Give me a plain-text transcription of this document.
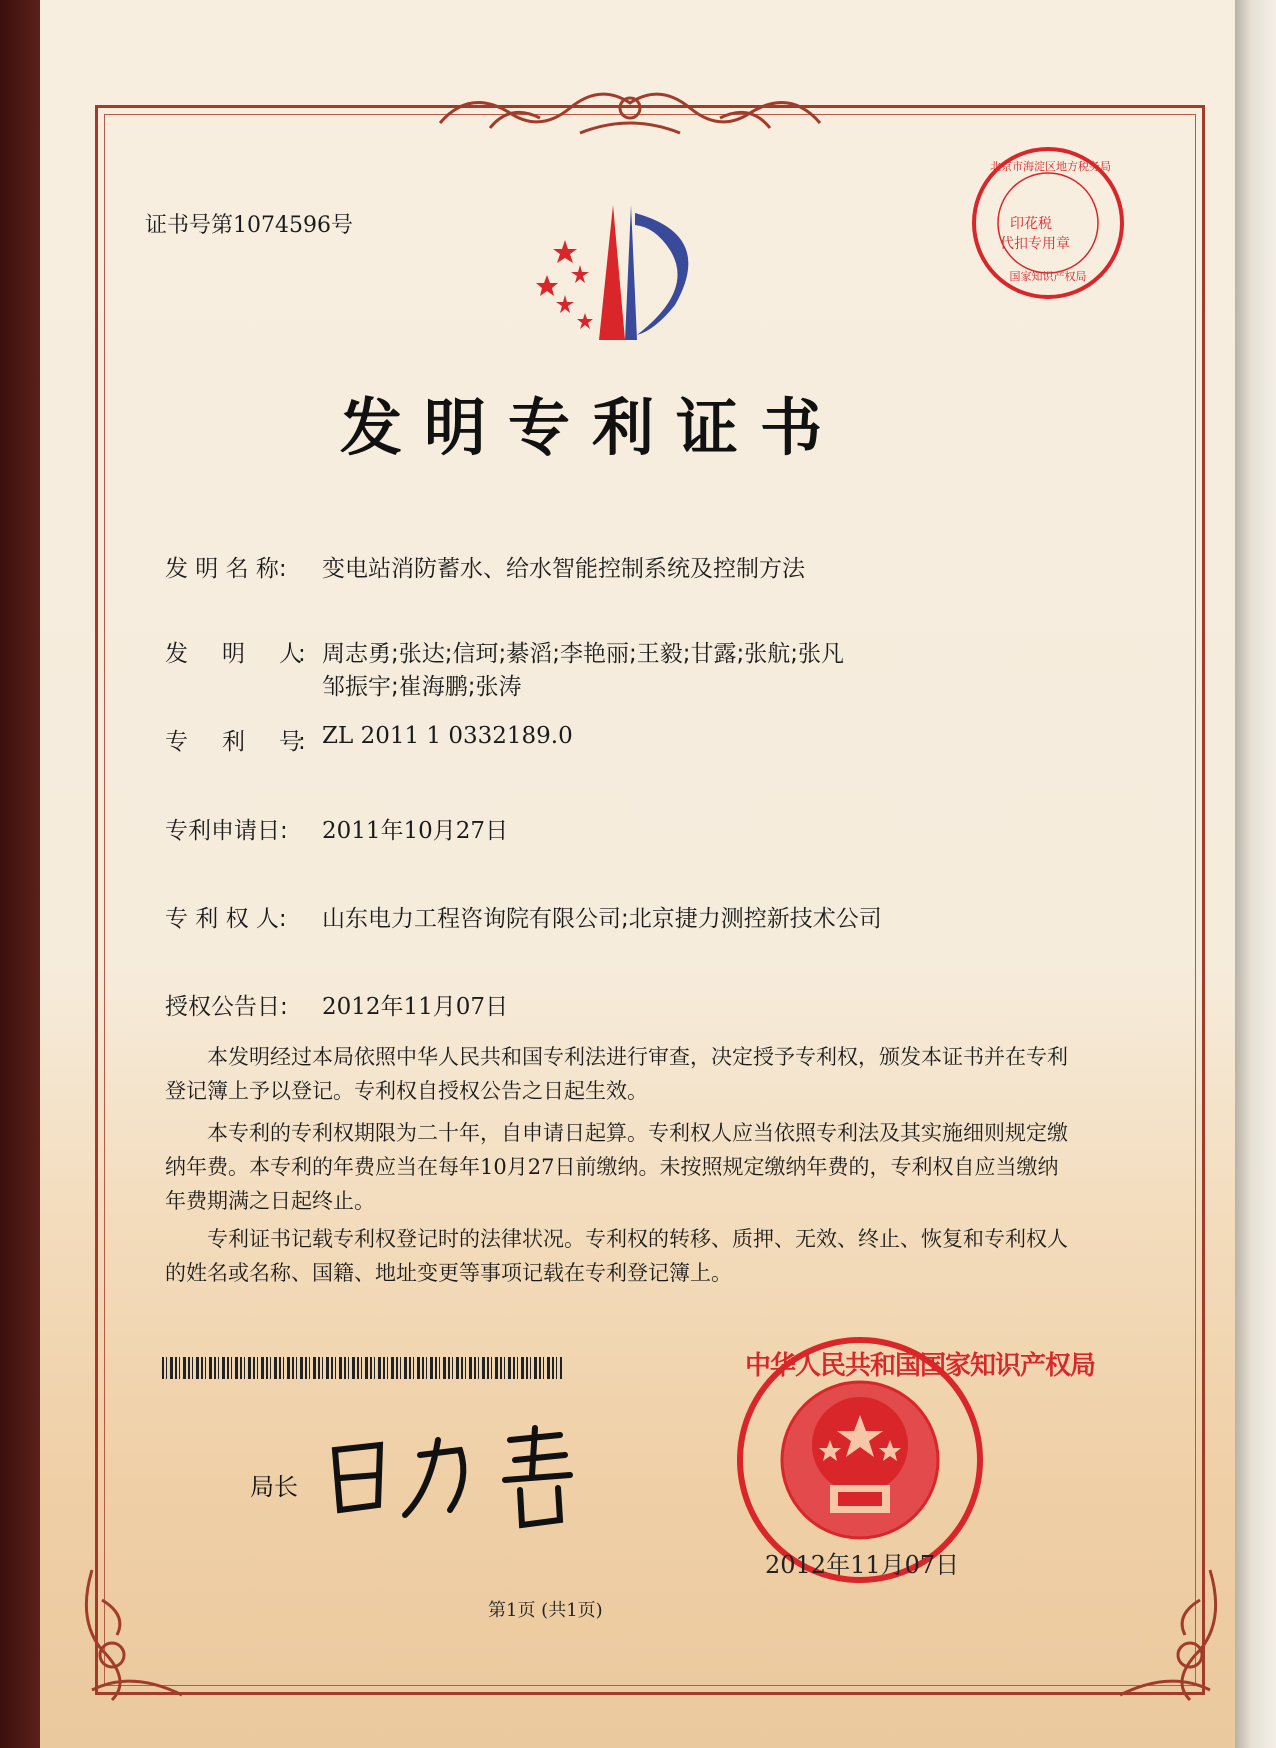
证书号第1074596号	印花税
代扣专用章
北京市海淀区地方税务局
国家知识产权局
发明专利证书
发 明 名 称: 变电站消防蓄水、给水智能控制系统及控制方法
发　　明　　人: 周志勇;张达;信珂;綦滔;李艳丽;王毅;甘露;张航;张凡
邹振宇;崔海鹏;张涛
专　　利　　号: ZL 2011 1 0332189.0
专利申请日: 2011年10月27日
专 利 权 人: 山东电力工程咨询院有限公司;北京捷力测控新技术公司
授权公告日: 2012年11月07日
本发明经过本局依照中华人民共和国专利法进行审查，决定授予专利权，颁发本证书并在专利登记簿上予以登记。专利权自授权公告之日起生效。
本专利的专利权期限为二十年，自申请日起算。专利权人应当依照专利法及其实施细则规定缴纳年费。本专利的年费应当在每年10月27日前缴纳。未按照规定缴纳年费的，专利权自应当缴纳年费期满之日起终止。
专利证书记载专利权登记时的法律状况。专利权的转移、质押、无效、终止、恢复和专利权人的姓名或名称、国籍、地址变更等事项记载在专利登记簿上。
局长
中华人民共和国国家知识产权局
2012年11月07日
第1页 (共1页)
